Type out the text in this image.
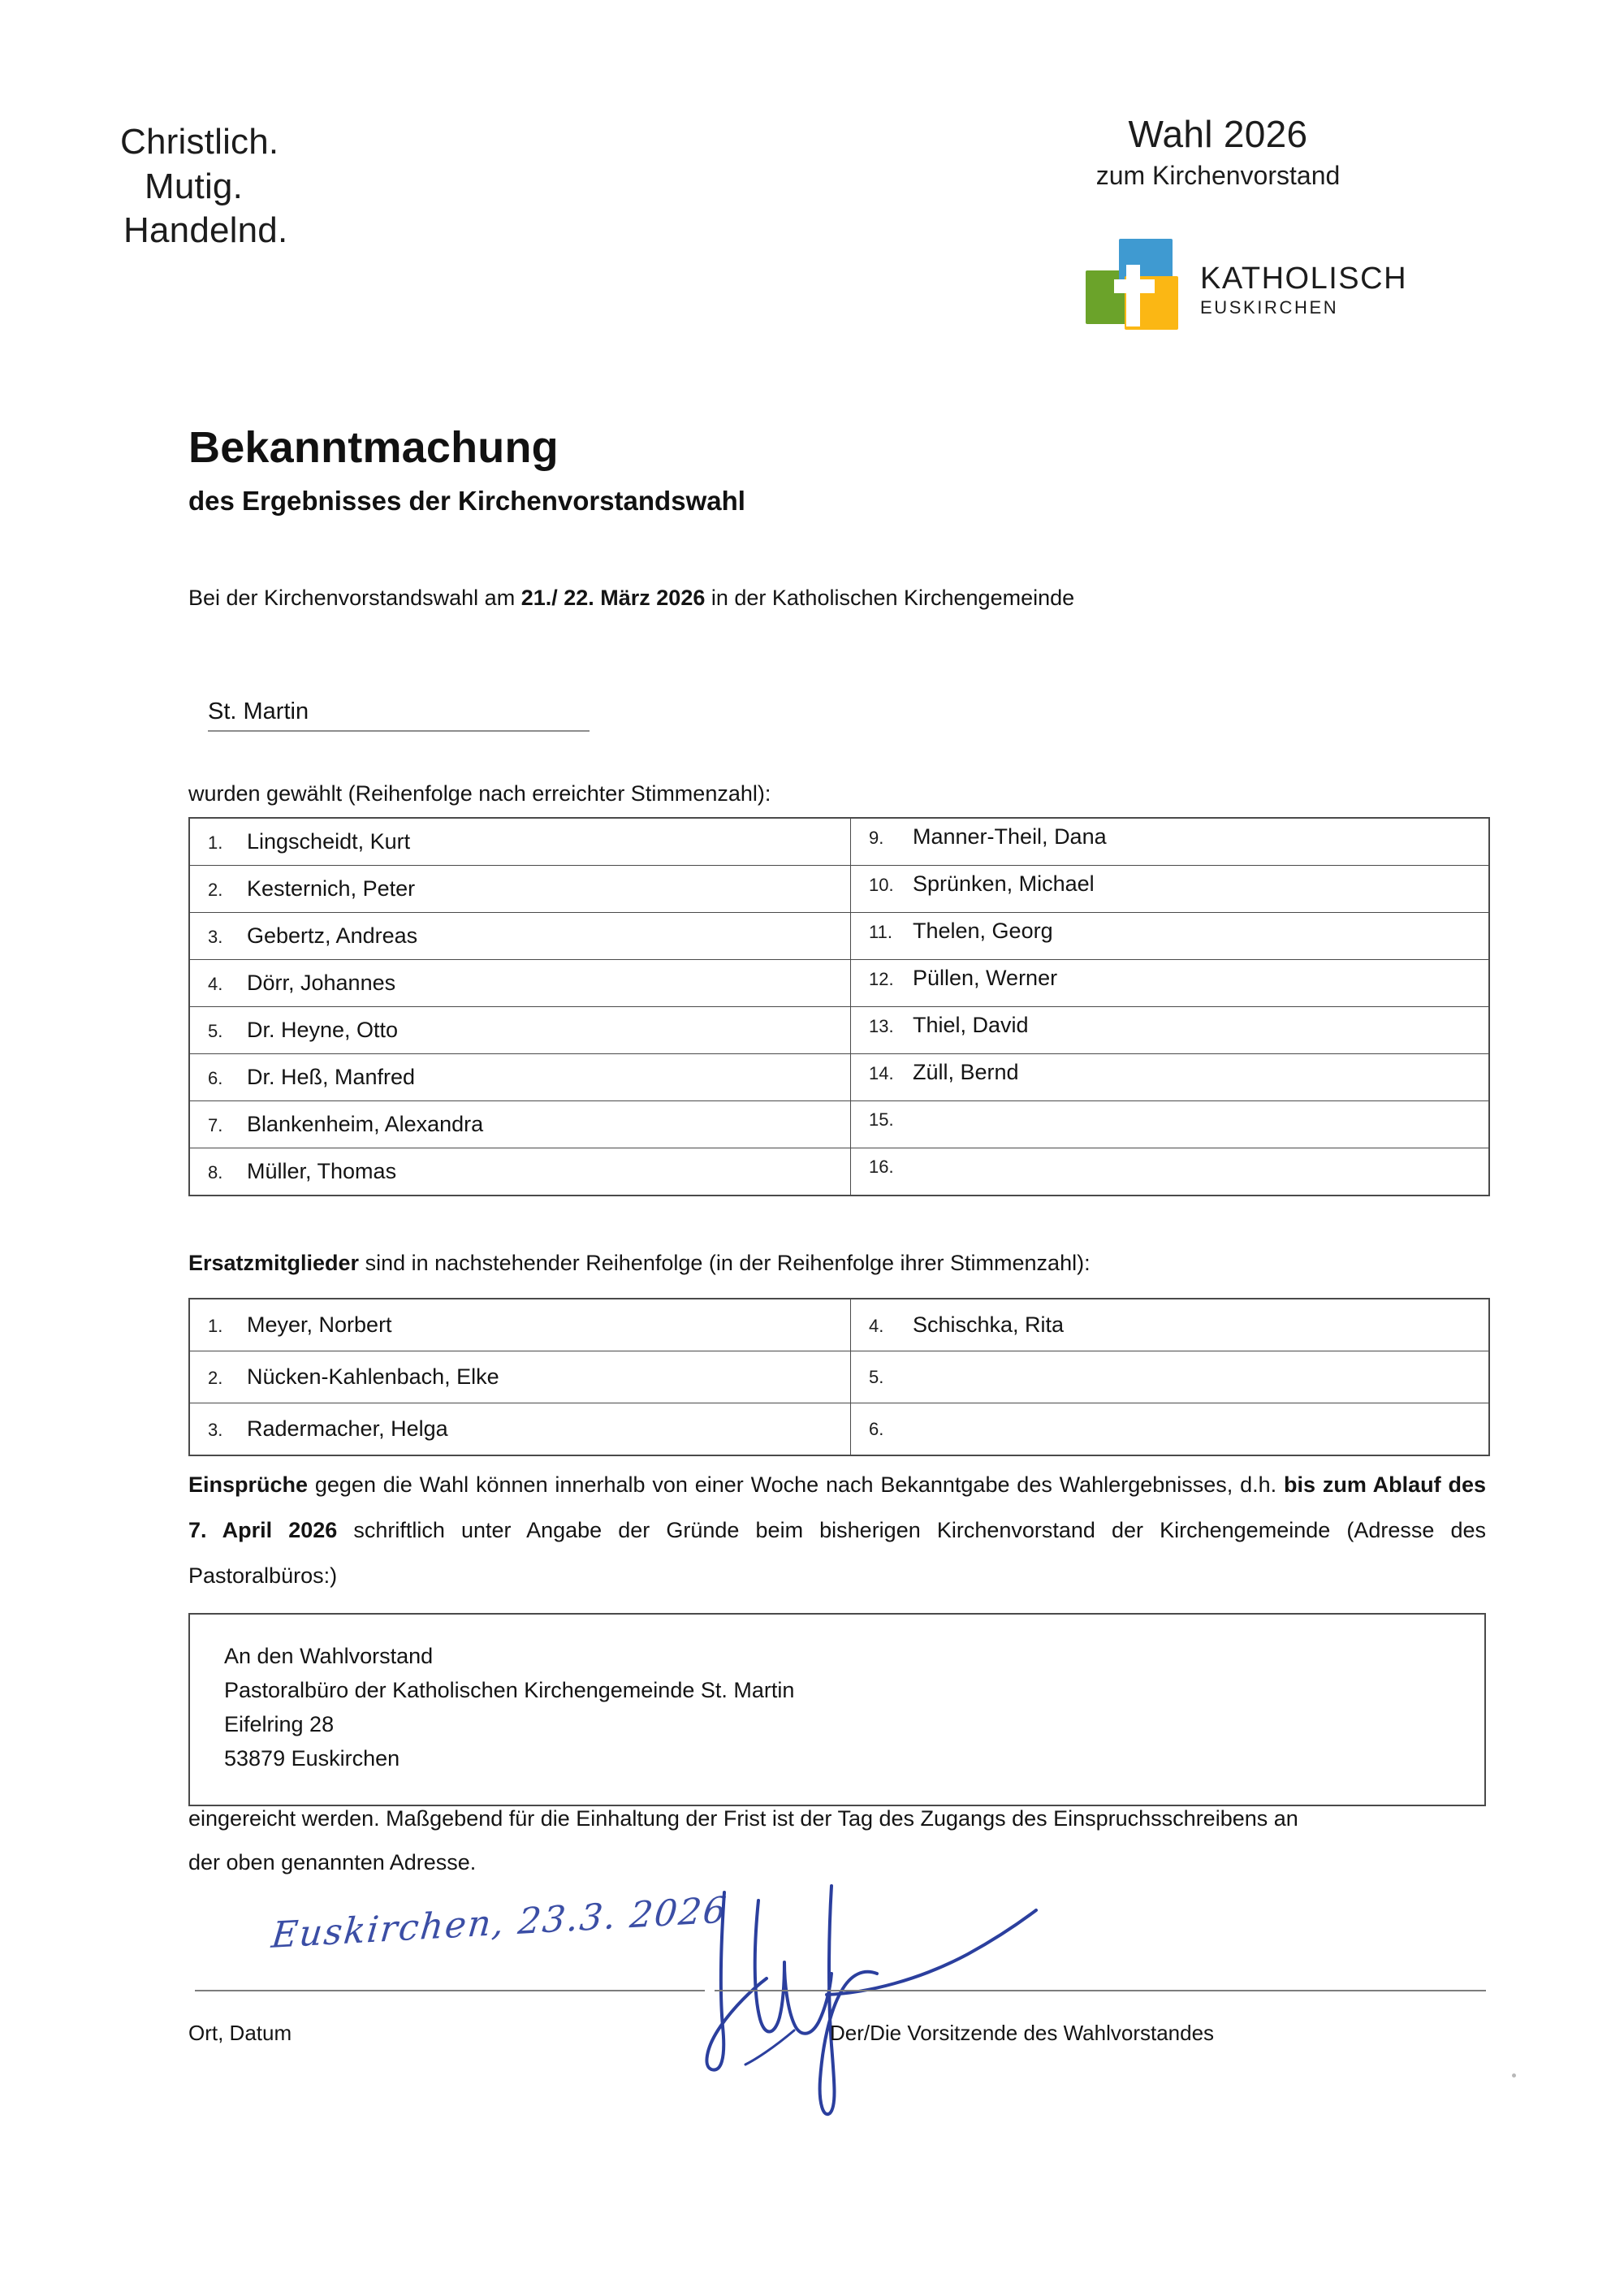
Christlich.
Mutig.
Handelnd.
Wahl 2026
zum Kirchenvorstand
KATHOLISCH
EUSKIRCHEN
Bekanntmachung
des Ergebnisses der Kirchenvorstandswahl
Bei der Kirchenvorstandswahl am 21./ 22. März 2026 in der Katholischen Kirchengemeinde
St. Martin
wurden gewählt (Reihenfolge nach erreichter Stimmenzahl):
1. Lingscheidt, Kurt	9. Manner-Theil, Dana

2. Kesternich, Peter	10. Sprünken, Michael

3. Gebertz, Andreas	11. Thelen, Georg

4. Dörr, Johannes	12. Püllen, Werner

5. Dr. Heyne, Otto	13. Thiel, David

6. Dr. Heß, Manfred	14. Züll, Bernd

7. Blankenheim, Alexandra	15.

8. Müller, Thomas	16.
Ersatzmitglieder sind in nachstehender Reihenfolge (in der Reihenfolge ihrer Stimmenzahl):
1. Meyer, Norbert	4. Schischka, Rita

2. Nücken-Kahlenbach, Elke	5.

3. Radermacher, Helga	6.
Einsprüche gegen die Wahl können innerhalb von einer Woche nach Bekanntgabe des Wahlergebnisses, d.h. bis zum Ablauf des 7. April 2026 schriftlich unter Angabe der Gründe beim bisherigen Kirchenvorstand der Kirchengemeinde (Adresse des Pastoralbüros:)
An den Wahlvorstand
Pastoralbüro der Katholischen Kirchengemeinde St. Martin
Eifelring 28
53879 Euskirchen
eingereicht werden. Maßgebend für die Einhaltung der Frist ist der Tag des Zugangs des Einspruchsschreibens an
der oben genannten Adresse.
Euskirchen, 23.3. 2026
Ort, Datum	Der/Die Vorsitzende des Wahlvorstandes
